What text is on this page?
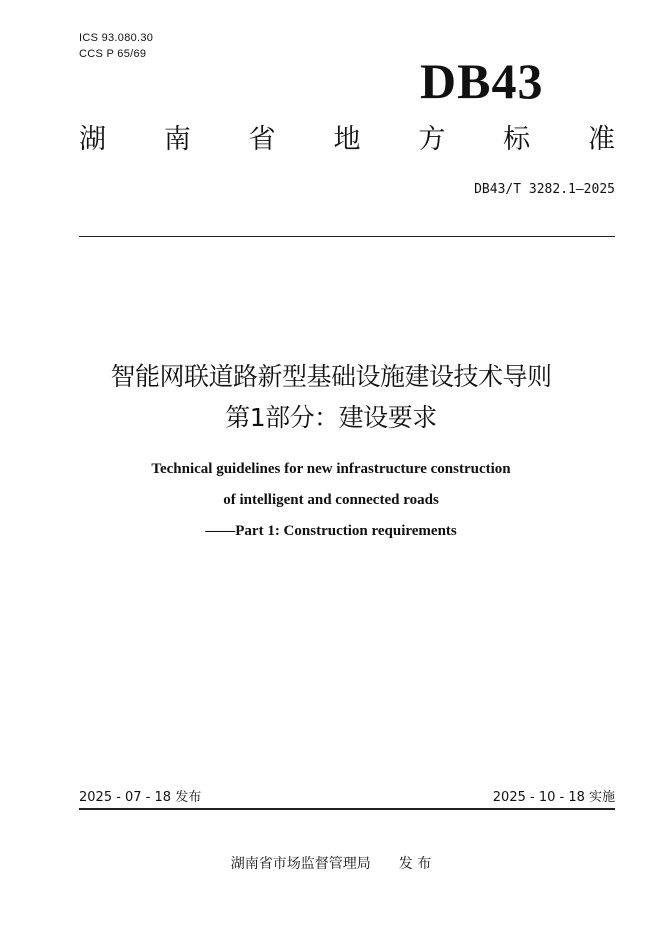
ICS 93.080.30
CCS P 65/69	DB43
湖 南 省 地 方 标 准
DB43/T 3282.1—2025
智能网联道路新型基础设施建设技术导则
第1部分：建设要求
Technical guidelines for new infrastructure construction
of intelligent and connected roads
——Part 1: Construction requirements
2025 - 07 - 18 发布	2025 - 10 - 18 实施
湖南省市场监督管理局 发 布
